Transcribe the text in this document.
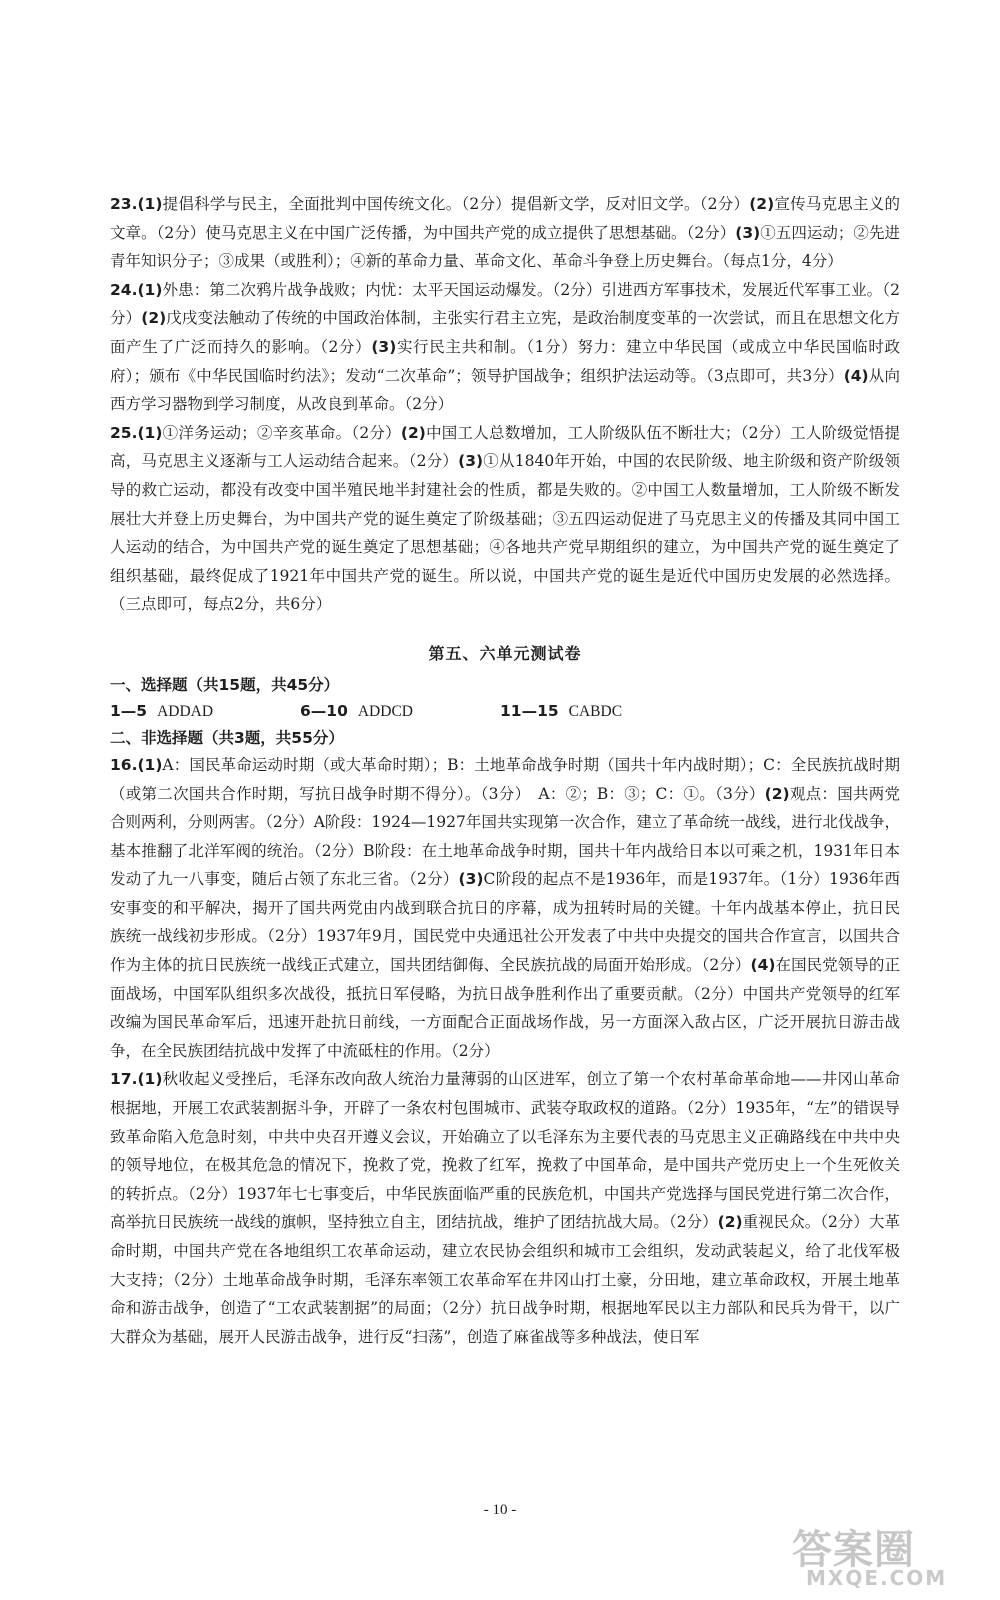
23.(1)提倡科学与民主，全面批判中国传统文化。（2分）提倡新文学，反对旧文学。（2分）(2)宣传马克思主义的文章。（2分）使马克思主义在中国广泛传播，为中国共产党的成立提供了思想基础。（2分）(3)①五四运动；②先进青年知识分子；③成果（或胜利）；④新的革命力量、革命文化、革命斗争登上历史舞台。（每点1分，4分）

24.(1)外患：第二次鸦片战争战败；内忧：太平天国运动爆发。（2分）引进西方军事技术，发展近代军事工业。（2分）(2)戊戌变法触动了传统的中国政治体制，主张实行君主立宪，是政治制度变革的一次尝试，而且在思想文化方面产生了广泛而持久的影响。（2分）(3)实行民主共和制。（1分）努力：建立中华民国（或成立中华民国临时政府）；颁布《中华民国临时约法》；发动“二次革命”；领导护国战争；组织护法运动等。（3点即可，共3分）(4)从向西方学习器物到学习制度，从改良到革命。（2分）

25.(1)①洋务运动；②辛亥革命。（2分）(2)中国工人总数增加，工人阶级队伍不断壮大；（2分）工人阶级觉悟提高，马克思主义逐渐与工人运动结合起来。（2分）(3)①从1840年开始，中国的农民阶级、地主阶级和资产阶级领导的救亡运动，都没有改变中国半殖民地半封建社会的性质，都是失败的。②中国工人数量增加，工人阶级不断发展壮大并登上历史舞台，为中国共产党的诞生奠定了阶级基础；③五四运动促进了马克思主义的传播及其同中国工人运动的结合，为中国共产党的诞生奠定了思想基础；④各地共产党早期组织的建立，为中国共产党的诞生奠定了组织基础，最终促成了1921年中国共产党的诞生。所以说，中国共产党的诞生是近代中国历史发展的必然选择。（三点即可，每点2分，共6分）

第五、六单元测试卷

一、选择题（共15题，共45分）

1—5 ADDAD	6—10 ADDCD	11—15 CABDC

二、非选择题（共3题，共55分）

16.(1)A：国民革命运动时期（或大革命时期）；B：土地革命战争时期（国共十年内战时期）；C：全民族抗战时期（或第二次国共合作时期，写抗日战争时期不得分）。（3分）　A：②；B：③；C：①。（3分）(2)观点：国共两党合则两利，分则两害。（2分）A阶段：1924—1927年国共实现第一次合作，建立了革命统一战线，进行北伐战争，基本推翻了北洋军阀的统治。（2分）B阶段：在土地革命战争时期，国共十年内战给日本以可乘之机，1931年日本发动了九一八事变，随后占领了东北三省。（2分）(3)C阶段的起点不是1936年，而是1937年。（1分）1936年西安事变的和平解决，揭开了国共两党由内战到联合抗日的序幕，成为扭转时局的关键。十年内战基本停止，抗日民族统一战线初步形成。（2分）1937年9月，国民党中央通迅社公开发表了中共中央提交的国共合作宣言，以国共合作为主体的抗日民族统一战线正式建立，国共团结御侮、全民族抗战的局面开始形成。（2分）(4)在国民党领导的正面战场，中国军队组织多次战役，抵抗日军侵略，为抗日战争胜利作出了重要贡献。（2分）中国共产党领导的红军改编为国民革命军后，迅速开赴抗日前线，一方面配合正面战场作战，另一方面深入敌占区，广泛开展抗日游击战争，在全民族团结抗战中发挥了中流砥柱的作用。（2分）

17.(1)秋收起义受挫后，毛泽东改向敌人统治力量薄弱的山区进军，创立了第一个农村革命革命地——井冈山革命根据地，开展工农武装割据斗争，开辟了一条农村包围城市、武装夺取政权的道路。（2分）1935年，“左”的错误导致革命陷入危急时刻，中共中央召开遵义会议，开始确立了以毛泽东为主要代表的马克思主义正确路线在中共中央的领导地位，在极其危急的情况下，挽救了党，挽救了红军，挽救了中国革命，是中国共产党历史上一个生死攸关的转折点。（2分）1937年七七事变后，中华民族面临严重的民族危机，中国共产党选择与国民党进行第二次合作，高举抗日民族统一战线的旗帜，坚持独立自主，团结抗战，维护了团结抗战大局。（2分）(2)重视民众。（2分）大革命时期，中国共产党在各地组织工农革命运动，建立农民协会组织和城市工会组织，发动武装起义，给了北伐军极大支持；（2分）土地革命战争时期，毛泽东率领工农革命军在井冈山打土豪，分田地，建立革命政权，开展土地革命和游击战争，创造了“工农武装割据”的局面；（2分）抗日战争时期，根据地军民以主力部队和民兵为骨干，以广大群众为基础，展开人民游击战争，进行反“扫荡”，创造了麻雀战等多种战法，使日军

- 10 -
答案圈
MXQE.COM
